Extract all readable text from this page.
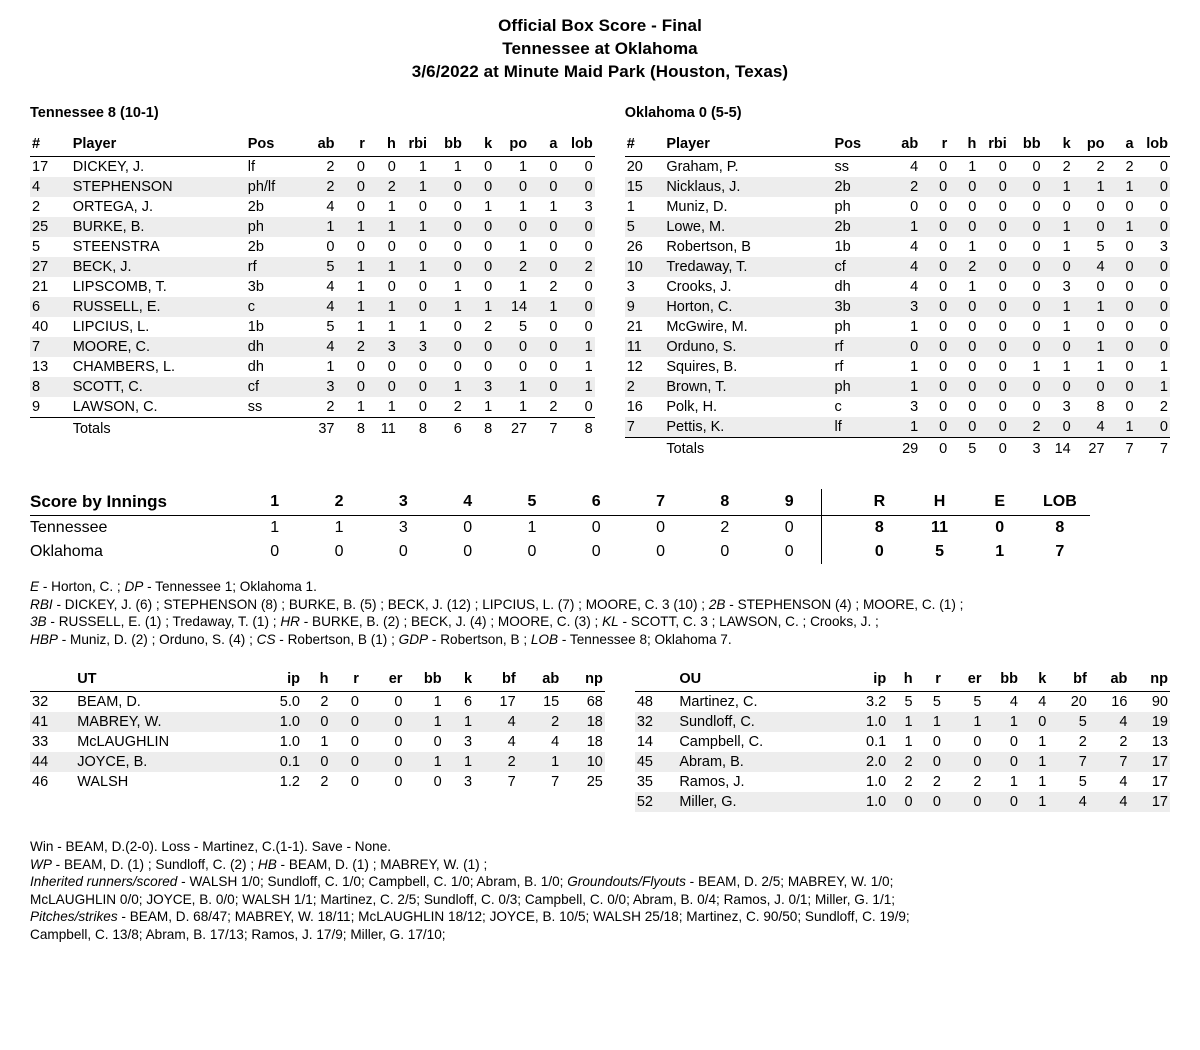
Official Box Score - Final
Tennessee at Oklahoma
3/6/2022 at Minute Maid Park (Houston, Texas)
Tennessee 8 (10-1)
#	Player	Pos	ab	r	h	rbi	bb	k	po	a	lob
17	DICKEY, J.	lf	2	0	0	1	1	0	1	0	0
4	STEPHENSON	ph/lf	2	0	2	1	0	0	0	0	0
2	ORTEGA, J.	2b	4	0	1	0	0	1	1	1	3
25	BURKE, B.	ph	1	1	1	1	0	0	0	0	0
5	STEENSTRA	2b	0	0	0	0	0	0	1	0	0
27	BECK, J.	rf	5	1	1	1	0	0	2	0	2
21	LIPSCOMB, T.	3b	4	1	0	0	1	0	1	2	0
6	RUSSELL, E.	c	4	1	1	0	1	1	14	1	0
40	LIPCIUS, L.	1b	5	1	1	1	0	2	5	0	0
7	MOORE, C.	dh	4	2	3	3	0	0	0	0	1
13	CHAMBERS, L.	dh	1	0	0	0	0	0	0	0	1
8	SCOTT, C.	cf	3	0	0	0	1	3	1	0	1
9	LAWSON, C.	ss	2	1	1	0	2	1	1	2	0
	Totals		37	8	11	8	6	8	27	7	8
Oklahoma 0 (5-5)
#	Player	Pos	ab	r	h	rbi	bb	k	po	a	lob
20	Graham, P.	ss	4	0	1	0	0	2	2	2	0
15	Nicklaus, J.	2b	2	0	0	0	0	1	1	1	0
1	Muniz, D.	ph	0	0	0	0	0	0	0	0	0
5	Lowe, M.	2b	1	0	0	0	0	1	0	1	0
26	Robertson, B	1b	4	0	1	0	0	1	5	0	3
10	Tredaway, T.	cf	4	0	2	0	0	0	4	0	0
3	Crooks, J.	dh	4	0	1	0	0	3	0	0	0
9	Horton, C.	3b	3	0	0	0	0	1	1	0	0
21	McGwire, M.	ph	1	0	0	0	0	1	0	0	0
11	Orduno, S.	rf	0	0	0	0	0	0	1	0	0
12	Squires, B.	rf	1	0	0	0	1	1	1	0	1
2	Brown, T.	ph	1	0	0	0	0	0	0	0	1
16	Polk, H.	c	3	0	0	0	0	3	8	0	2
7	Pettis, K.	lf	1	0	0	0	2	0	4	1	0
	Totals		29	0	5	0	3	14	27	7	7
Score by Innings	1	2	3	4	5	6	7	8	9		R	H	E	LOB
Tennessee	1	1	3	0	1	0	0	2	0		8	11	0	8
Oklahoma	0	0	0	0	0	0	0	0	0		0	5	1	7
E - Horton, C. ; DP - Tennessee 1; Oklahoma 1.
RBI - DICKEY, J. (6) ; STEPHENSON (8) ; BURKE, B. (5) ; BECK, J. (12) ; LIPCIUS, L. (7) ; MOORE, C. 3 (10) ; 2B - STEPHENSON (4) ; MOORE, C. (1) ;
3B - RUSSELL, E. (1) ; Tredaway, T. (1) ; HR - BURKE, B. (2) ; BECK, J. (4) ; MOORE, C. (3) ; KL - SCOTT, C. 3 ; LAWSON, C. ; Crooks, J. ;
HBP - Muniz, D. (2) ; Orduno, S. (4) ; CS - Robertson, B (1) ; GDP - Robertson, B ; LOB - Tennessee 8; Oklahoma 7.
	UT	ip	h	r	er	bb	k	bf	ab	np
32	BEAM, D.	5.0	2	0	0	1	6	17	15	68
41	MABREY, W.	1.0	0	0	0	1	1	4	2	18
33	McLAUGHLIN	1.0	1	0	0	0	3	4	4	18
44	JOYCE, B.	0.1	0	0	0	1	1	2	1	10
46	WALSH	1.2	2	0	0	0	3	7	7	25
	OU	ip	h	r	er	bb	k	bf	ab	np
48	Martinez, C.	3.2	5	5	5	4	4	20	16	90
32	Sundloff, C.	1.0	1	1	1	1	0	5	4	19
14	Campbell, C.	0.1	1	0	0	0	1	2	2	13
45	Abram, B.	2.0	2	0	0	0	1	7	7	17
35	Ramos, J.	1.0	2	2	2	1	1	5	4	17
52	Miller, G.	1.0	0	0	0	0	1	4	4	17
Win - BEAM, D.(2-0). Loss - Martinez, C.(1-1). Save - None.
WP - BEAM, D. (1) ; Sundloff, C. (2) ; HB - BEAM, D. (1) ; MABREY, W. (1) ;
Inherited runners/scored - WALSH 1/0; Sundloff, C. 1/0; Campbell, C. 1/0; Abram, B. 1/0; Groundouts/Flyouts - BEAM, D. 2/5; MABREY, W. 1/0;
McLAUGHLIN 0/0; JOYCE, B. 0/0; WALSH 1/1; Martinez, C. 2/5; Sundloff, C. 0/3; Campbell, C. 0/0; Abram, B. 0/4; Ramos, J. 0/1; Miller, G. 1/1;
Pitches/strikes - BEAM, D. 68/47; MABREY, W. 18/11; McLAUGHLIN 18/12; JOYCE, B. 10/5; WALSH 25/18; Martinez, C. 90/50; Sundloff, C. 19/9;
Campbell, C. 13/8; Abram, B. 17/13; Ramos, J. 17/9; Miller, G. 17/10;
